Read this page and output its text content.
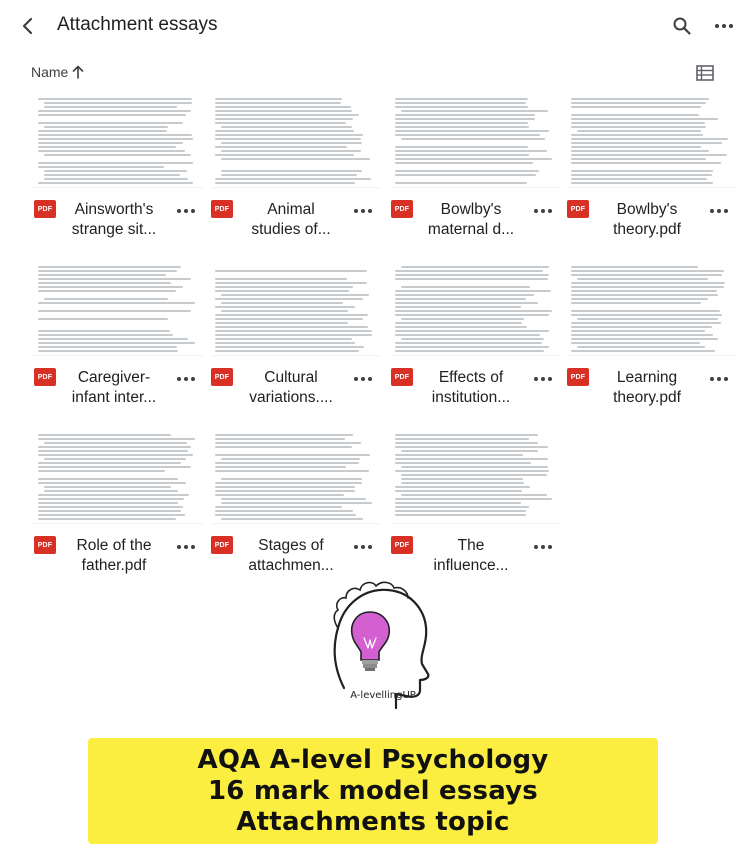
Attachment essays
Name
PDF	Ainsworth's
strange sit...
PDF	Animal
studies of...
PDF	Bowlby's
maternal d...
PDF	Bowlby's
theory.pdf
PDF	Caregiver-
infant inter...
PDF	Cultural
variations....
PDF	Effects of
institution...
PDF	Learning
theory.pdf
PDF	Role of the
father.pdf
PDF	Stages of
attachmen...
PDF	The
influence...
A-levellingUP
AQA A-level Psychology
16 mark model essays
Attachments topic
